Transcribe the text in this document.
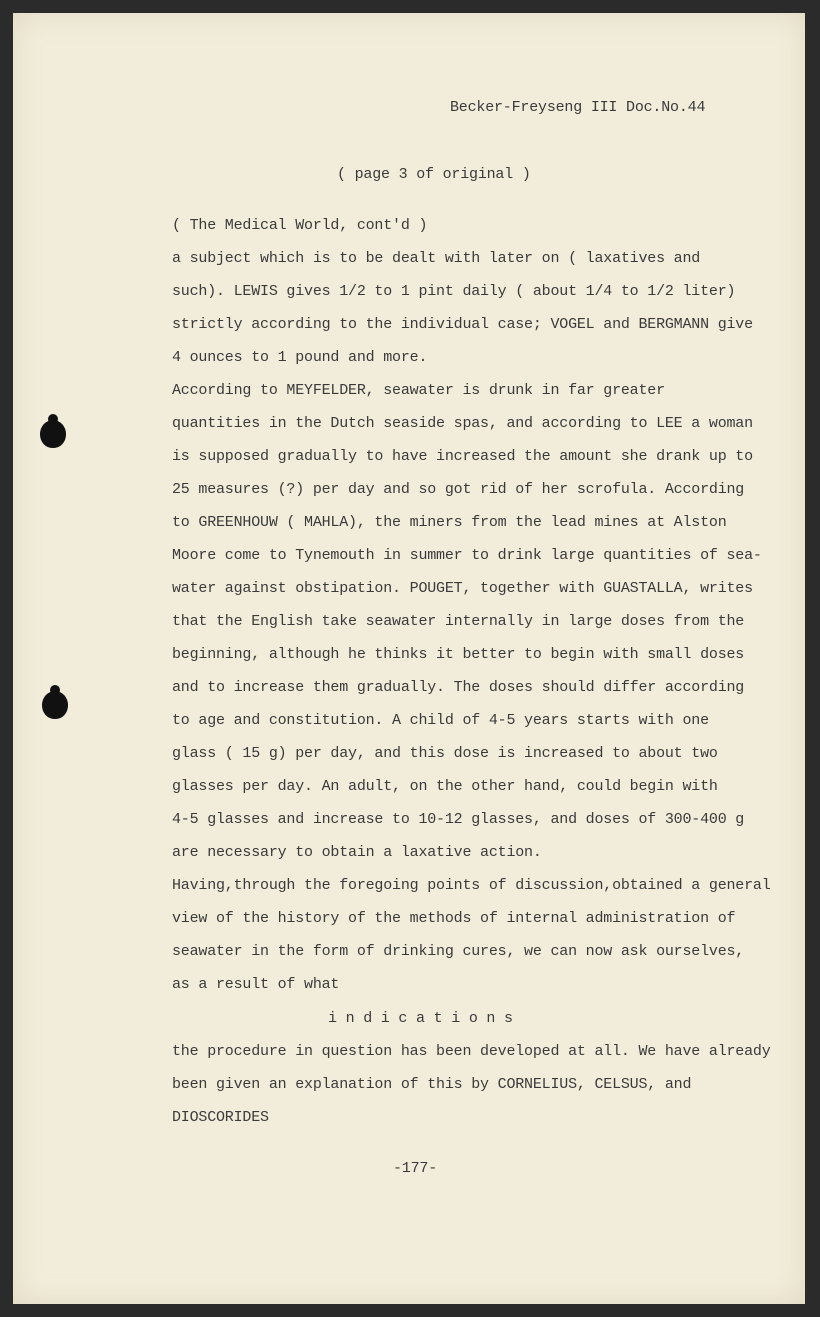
Becker-Freyseng III Doc.No.44
( page 3 of original )
( The Medical World, cont'd )
a subject which is to be dealt with later on ( laxatives and
such). LEWIS gives 1/2 to 1 pint daily ( about 1/4 to 1/2 liter)
strictly according to the individual case; VOGEL and BERGMANN give
4 ounces to 1 pound and more.
According to MEYFELDER, seawater is drunk in far greater
quantities in the Dutch seaside spas, and according to LEE a woman
is supposed gradually to have increased the amount she drank up to
25 measures (?) per day and so got rid of her scrofula. According
to GREENHOUW ( MAHLA), the miners from the lead mines at Alston
Moore come to Tynemouth in summer to drink large quantities of sea-
water against obstipation. POUGET, together with GUASTALLA, writes
that the English take seawater internally in large doses from the
beginning, although he thinks it better to begin with small doses
and to increase them gradually. The doses should differ according
to age and constitution. A child of 4-5 years starts with one
glass ( 15 g) per day, and this dose is increased to about two
glasses per day. An adult, on the other hand, could begin with
4-5 glasses and increase to 10-12 glasses, and doses of 300-400 g
are necessary to obtain a laxative action.
Having,through the foregoing points of discussion,obtained a general
view of the history of the methods of internal administration of
seawater in the form of drinking cures, we can now ask ourselves,
as a result of what
i n d i c a t i o n s
the procedure in question has been developed at all. We have already
been given an explanation of this by CORNELIUS, CELSUS, and
DIOSCORIDES
-177-
